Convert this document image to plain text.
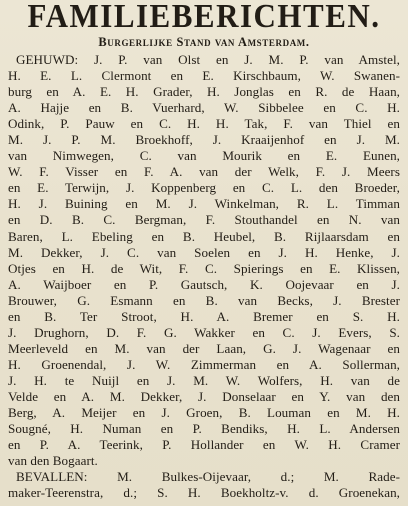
FAMILIEBERICHTEN.
Burgerlijke Stand van Amsterdam.
GEHUWD: J. P. van Olst en J. M. P. van Amstel,
H. E. L. Clermont en E. Kirschbaum, W. Swanen-
burg en A. E. H. Grader, H. Jonglas en R. de Haan,
A. Hajje en B. Vuerhard, W. Sibbelee en C. H.
Odink, P. Pauw en C. H. H. Tak, F. van Thiel en
M. J. P. M. Broekhoff, J. Kraaijenhof en J. M.
van Nimwegen, C. van Mourik en E. Eunen,
W. F. Visser en F. A. van der Welk, F. J. Meers
en E. Terwijn, J. Koppenberg en C. L. den Broeder,
H. J. Buining en M. J. Winkelman, R. L. Timman
en D. B. C. Bergman, F. Stouthandel en N. van
Baren, L. Ebeling en B. Heubel, B. Rijlaarsdam en
M. Dekker, J. C. van Soelen en J. H. Henke, J.
Otjes en H. de Wit, F. C. Spierings en E. Klissen,
A. Waijboer en P. Gautsch, K. Oojevaar en J.
Brouwer, G. Esmann en B. van Becks, J. Brester
en B. Ter Stroot, H. A. Bremer en S. H.
J. Drughorn, D. F. G. Wakker en C. J. Evers, S.
Meerleveld en M. van der Laan, G. J. Wagenaar en
H. Groenendal, J. W. Zimmerman en A. Sollerman,
J. H. te Nuijl en J. M. W. Wolfers, H. van de
Velde en A. M. Dekker, J. Donselaar en Y. van den
Berg, A. Meijer en J. Groen, B. Louman en M. H.
Sougné, H. Numan en P. Bendiks, H. L. Andersen
en P. A. Teerink, P. Hollander en W. H. Cramer
van den Bogaart.
BEVALLEN: M. Bulkes-Oijevaar, d.; M. Rade-
maker-Teerenstra, d.; S. H. Boekholtz-v. d. Groenekan,
